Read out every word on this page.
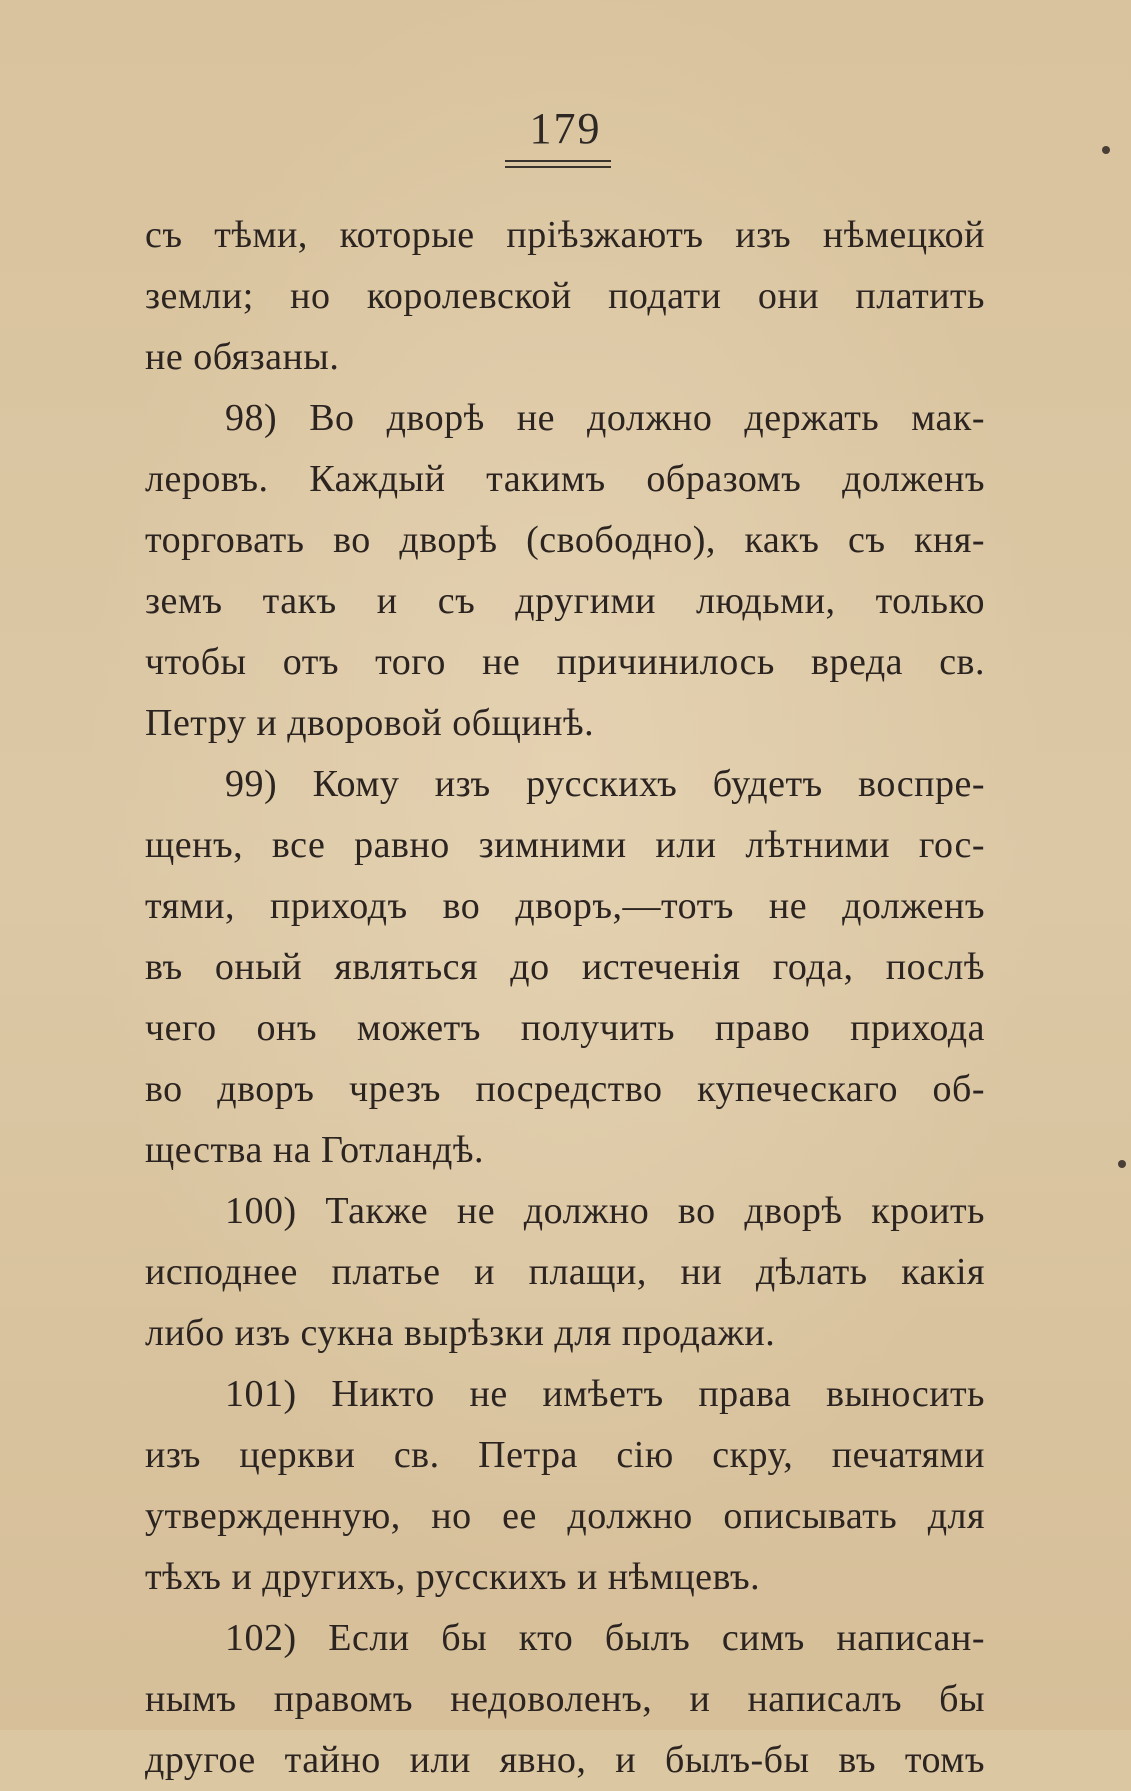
179
съ тѣми, которые пріѣзжаютъ изъ нѣмецкой
земли; но королевской подати они платить
не обязаны.
98) Во дворѣ не должно держать мак-
леровъ. Каждый такимъ образомъ долженъ
торговать во дворѣ (свободно), какъ съ кня-
земъ такъ и съ другими людьми, только
чтобы отъ того не причинилось вреда св.
Петру и дворовой общинѣ.
99) Кому изъ русскихъ будетъ воспре-
щенъ, все равно зимними или лѣтними гос-
тями, приходъ во дворъ,—тотъ не долженъ
въ оный являться до истеченія года, послѣ
чего онъ можетъ получить право прихода
во дворъ чрезъ посредство купеческаго об-
щества на Готландѣ.
100) Также не должно во дворѣ кроить
исподнее платье и плащи, ни дѣлать какія
либо изъ сукна вырѣзки для продажи.
101) Никто не имѣетъ права выносить
изъ церкви св. Петра сію скру, печатями
утвержденную, но ее должно описывать для
тѣхъ и другихъ, русскихъ и нѣмцевъ.
102) Если бы кто былъ симъ написан-
нымъ правомъ недоволенъ, и написалъ бы
другое тайно или явно, и былъ-бы въ томъ
